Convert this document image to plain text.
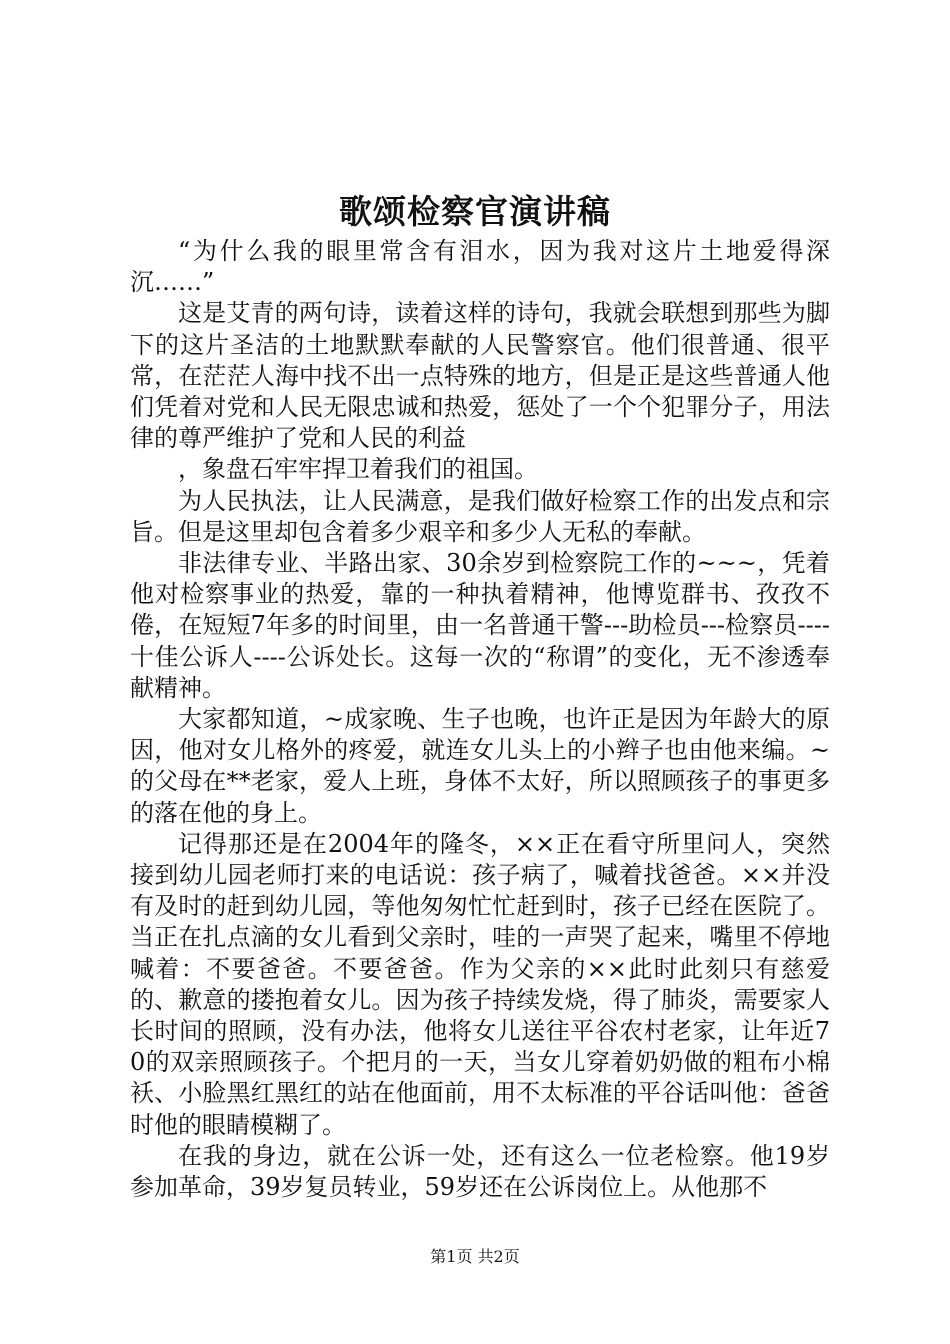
歌颂检察官演讲稿

“为什么我的眼里常含有泪水，因为我对这片土地爱得深沉……”

这是艾青的两句诗，读着这样的诗句，我就会联想到那些为脚下的这片圣洁的土地默默奉献的人民警察官。他们很普通、很平常，在茫茫人海中找不出一点特殊的地方，但是正是这些普通人他们凭着对党和人民无限忠诚和热爱，惩处了一个个犯罪分子，用法律的尊严维护了党和人民的利益

，象盘石牢牢捍卫着我们的祖国。

为人民执法，让人民满意，是我们做好检察工作的出发点和宗旨。但是这里却包含着多少艰辛和多少人无私的奉献。

非法律专业、半路出家、30余岁到检察院工作的~~~，凭着他对检察事业的热爱，靠的一种执着精神，他博览群书、孜孜不倦，在短短7年多的时间里，由一名普通干警---助检员---检察员----十佳公诉人----公诉处长。这每一次的“称谓”的变化，无不渗透奉献精神。

大家都知道，~成家晚、生子也晚，也许正是因为年龄大的原因，他对女儿格外的疼爱，就连女儿头上的小辫子也由他来编。~的父母在**老家，爱人上班，身体不太好，所以照顾孩子的事更多的落在他的身上。

记得那还是在2004年的隆冬，××正在看守所里问人，突然接到幼儿园老师打来的电话说：孩子病了，喊着找爸爸。××并没有及时的赶到幼儿园，等他匆匆忙忙赶到时，孩子已经在医院了。当正在扎点滴的女儿看到父亲时，哇的一声哭了起来，嘴里不停地喊着：不要爸爸。不要爸爸。作为父亲的××此时此刻只有慈爱的、歉意的搂抱着女儿。因为孩子持续发烧，得了肺炎，需要家人长时间的照顾，没有办法，他将女儿送往平谷农村老家，让年近70的双亲照顾孩子。个把月的一天，当女儿穿着奶奶做的粗布小棉袄、小脸黑红黑红的站在他面前，用不太标准的平谷话叫他：爸爸时他的眼睛模糊了。

在我的身边，就在公诉一处，还有这么一位老检察。他19岁参加革命，39岁复员转业，59岁还在公诉岗位上。从他那不

第1页 共2页
